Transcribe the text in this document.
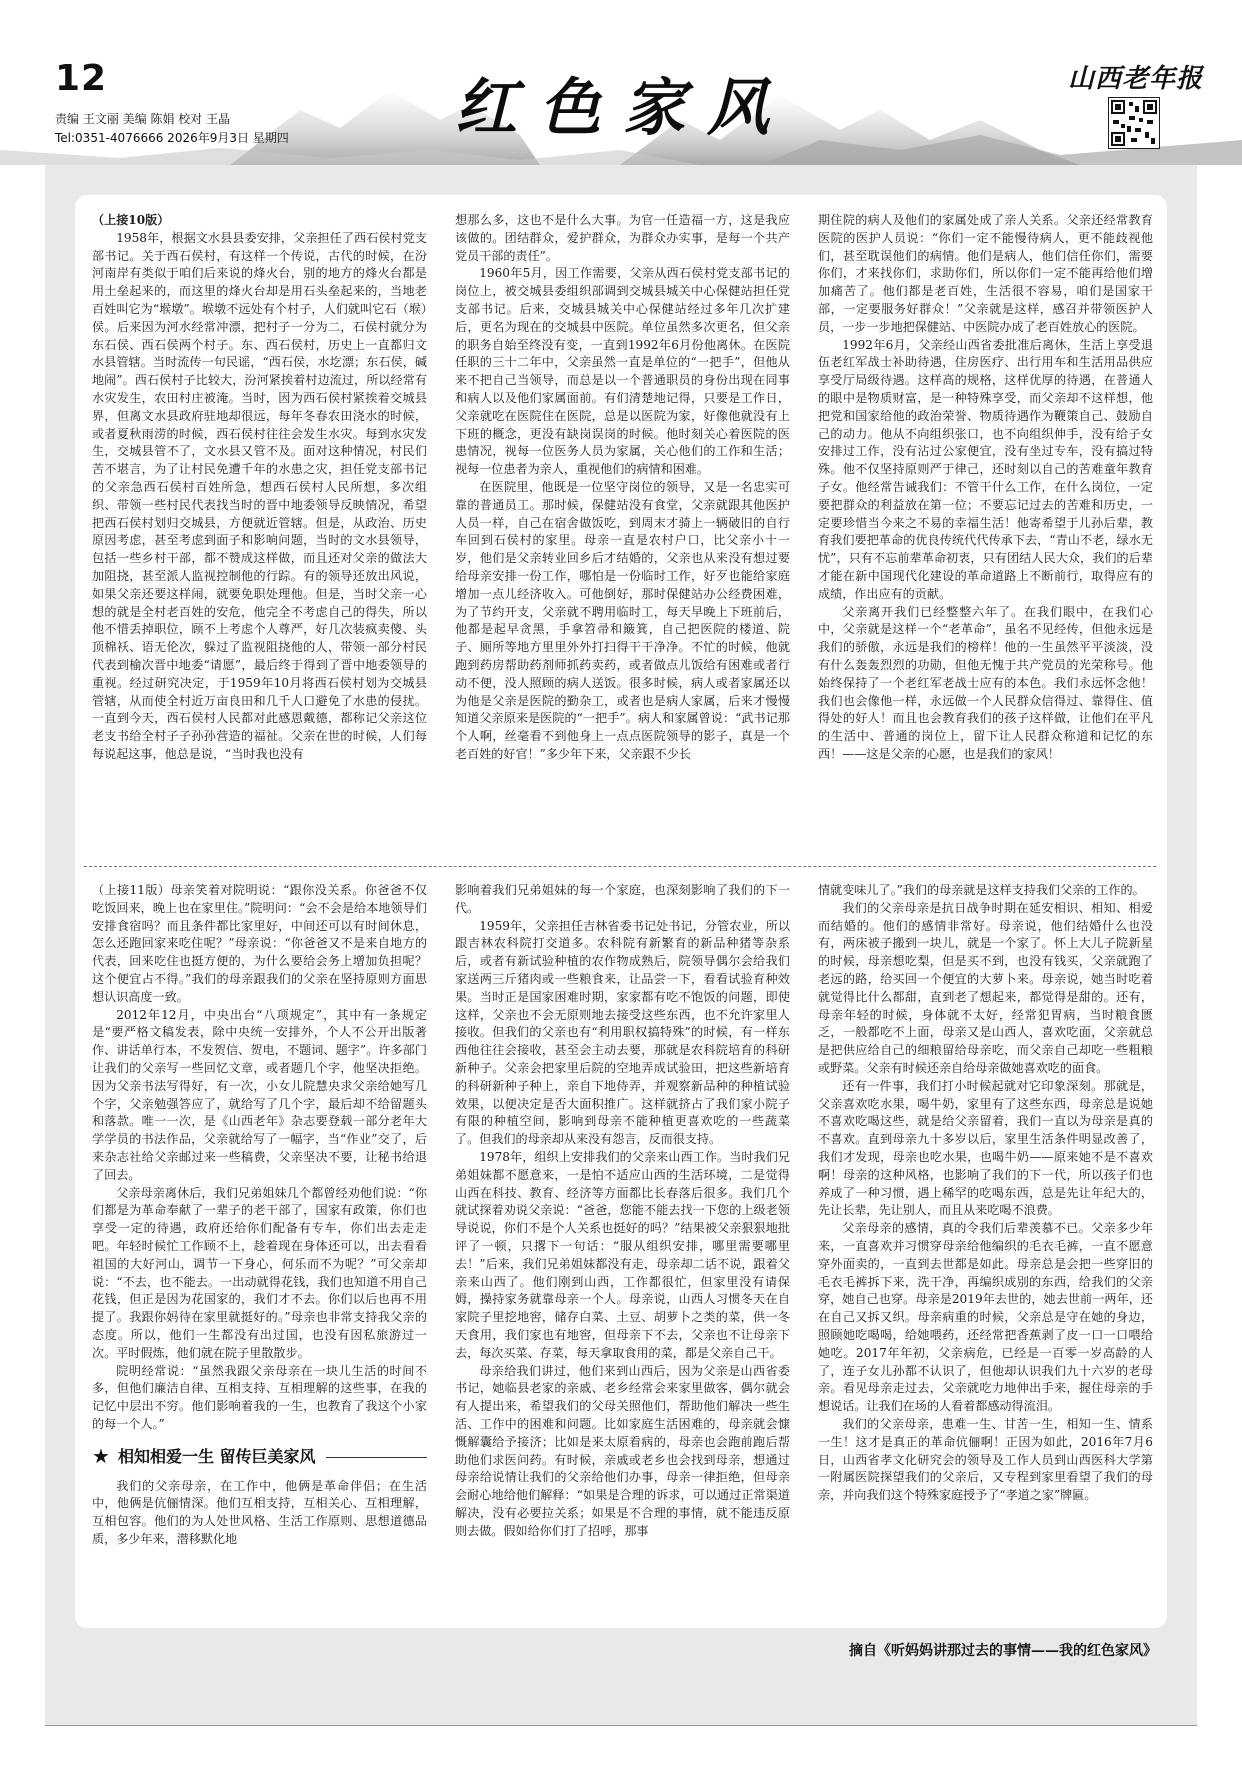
12
责编 王文丽 美编 陈娟 校对 王晶
Tel:0351-4076666 2026年9月3日 星期四	红色家风	山西老年报

（上接10版）

1958年，根据文水县县委安排，父亲担任了西石侯村党支部书记。关于西石侯村，有这样一个传说，古代的时候，在汾河南岸有类似于咱们后来说的烽火台，别的地方的烽火台都是用土垒起来的，而这里的烽火台却是用石头垒起来的，当地老百姓叫它为“堠墩”。堠墩不远处有个村子，人们就叫它石（堠）侯。后来因为河水经常冲漂，把村子一分为二，石侯村就分为东石侯、西石侯两个村子。东、西石侯村，历史上一直都归文水县管辖。当时流传一句民谣，“西石侯，水圪漂；东石侯，碱地闹”。西石侯村子比较大，汾河紧挨着村边流过，所以经常有水灾发生，农田村庄被淹。当时，因为西石侯村紧挨着交城县界，但离文水县政府驻地却很远，每年冬春农田浇水的时候，或者夏秋雨涝的时候，西石侯村往往会发生水灾。每到水灾发生，交城县管不了，文水县又管不及。面对这种情况，村民们苦不堪言，为了让村民免遭千年的水患之灾，担任党支部书记的父亲急西石侯村百姓所急，想西石侯村人民所想，多次组织、带领一些村民代表找当时的晋中地委领导反映情况，希望把西石侯村划归交城县，方便就近管辖。但是，从政治、历史原因考虑，甚至考虑到面子和影响问题，当时的文水县领导，包括一些乡村干部，都不赞成这样做，而且还对父亲的做法大加阻挠，甚至派人监视控制他的行踪。有的领导还放出风说，如果父亲还要这样闹，就要免职处理他。但是，当时父亲一心想的就是全村老百姓的安危，他完全不考虑自己的得失，所以他不惜丢掉职位，顾不上考虑个人尊严，好几次装疯卖傻、头顶棉袄、语无伦次，躲过了监视阻挠他的人，带领一部分村民代表到榆次晋中地委“请愿”，最后终于得到了晋中地委领导的重视。经过研究决定，于1959年10月将西石侯村划为交城县管辖，从而使全村近万亩良田和几千人口避免了水患的侵扰。一直到今天，西石侯村人民都对此感恩戴德，都称记父亲这位老支书给全村子子孙孙营造的福祉。父亲在世的时候，人们每每说起这事，他总是说，“当时我也没有

想那么多，这也不是什么大事。为官一任造福一方，这是我应该做的。团结群众，爱护群众，为群众办实事，是每一个共产党员干部的责任”。

1960年5月，因工作需要，父亲从西石侯村党支部书记的岗位上，被交城县委组织部调到交城县城关中心保健站担任党支部书记。后来，交城县城关中心保健站经过多年几次扩建后，更名为现在的交城县中医院。单位虽然多次更名，但父亲的职务自始至终没有变，一直到1992年6月份他离休。在医院任职的三十二年中，父亲虽然一直是单位的“一把手”，但他从来不把自己当领导，而总是以一个普通职员的身份出现在同事和病人以及他们家属面前。有们清楚地记得，只要是工作日，父亲就吃在医院住在医院，总是以医院为家，好像他就没有上下班的概念，更没有缺岗误岗的时候。他时刻关心着医院的医患情况，视每一位医务人员为家属，关心他们的工作和生活；视每一位患者为亲人，重视他们的病情和困难。

在医院里，他既是一位坚守岗位的领导，又是一名忠实可靠的普通员工。那时候，保健站没有食堂，父亲就跟其他医护人员一样，自己在宿舍做饭吃，到周末才骑上一辆破旧的自行车回到石侯村的家里。母亲一直是农村户口，比父亲小十一岁，他们是父亲转业回乡后才结婚的，父亲也从来没有想过要给母亲安排一份工作，哪怕是一份临时工作，好歹也能给家庭增加一点儿经济收入。可他倒好，那时保健站办公经费困难，为了节约开支，父亲就不聘用临时工，每天早晚上下班前后，他都是起早贪黑，手拿笤帚和簸箕，自己把医院的楼道、院子、厕所等地方里里外外打扫得干干净净。不忙的时候，他就跑到药房帮助药剂师抓药卖药，或者做点儿饭给有困难或者行动不便，没人照顾的病人送饭。很多时候，病人或者家属还以为他是父亲是医院的勤杂工，或者也是病人家属，后来才慢慢知道父亲原来是医院的“一把手”。病人和家属曾说：“武书记那个人啊，丝毫看不到他身上一点点医院领导的影子，真是一个老百姓的好官！”多少年下来，父亲跟不少长

期住院的病人及他们的家属处成了亲人关系。父亲还经常教育医院的医护人员说：“你们一定不能慢待病人，更不能歧视他们，甚至耽误他们的病情。他们是病人，他们信任你们，需要你们，才来找你们，求助你们，所以你们一定不能再给他们增加痛苦了。他们都是老百姓，生活很不容易，咱们是国家干部，一定要服务好群众！”父亲就是这样，感召并带领医护人员，一步一步地把保健站、中医院办成了老百姓放心的医院。

1992年6月，父亲经山西省委批准后离休，生活上享受退伍老红军战士补助待遇，住房医疗、出行用车和生活用品供应享受厅局级待遇。这样高的规格，这样优厚的待遇，在普通人的眼中是物质财富，是一种特殊享受，而父亲却不这样想，他把党和国家给他的政治荣誉、物质待遇作为鞭策自己、鼓励自己的动力。他从不向组织张口，也不向组织伸手，没有给子女安排过工作，没有沾过公家便宜，没有坐过专车，没有搞过特殊。他不仅坚持原则严于律己，还时刻以自己的苦难童年教育子女。他经常告诫我们：不管干什么工作，在什么岗位，一定要把群众的利益放在第一位；不要忘记过去的苦难和历史，一定要珍惜当今来之不易的幸福生活！他寄希望于儿孙后辈，教育我们要把革命的优良传统代代传承下去，“青山不老，绿水无忧”，只有不忘前辈革命初衷，只有团结人民大众，我们的后辈才能在新中国现代化建设的革命道路上不断前行，取得应有的成绩，作出应有的贡献。

父亲离开我们已经整整六年了。在我们眼中，在我们心中，父亲就是这样一个“老革命”，虽名不见经传，但他永远是我们的骄傲，永远是我们的榜样！他的一生虽然平平淡淡，没有什么轰轰烈烈的功勋，但他无愧于共产党员的光荣称号。他始终保持了一个老红军老战士应有的本色。我们永远怀念他！我们也会像他一样，永远做一个人民群众信得过、靠得住、值得处的好人！而且也会教育我们的孩子这样做，让他们在平凡的生活中、普通的岗位上，留下让人民群众称道和记忆的东西！——这是父亲的心愿，也是我们的家风！

（上接11版）母亲笑着对院明说：“跟你没关系。你爸爸不仅吃饭回来，晚上也在家里住。”院明问：“会不会是给本地领导们安排食宿吗？而且条件都比家里好，中间还可以有时间休息，怎么还跑回家来吃住呢？”母亲说：“你爸爸又不是来自地方的代表，回来吃住也挺方便的，为什么要给会务上增加负担呢？这个便宜占不得。”我们的母亲跟我们的父亲在坚持原则方面思想认识高度一致。

2012年12月，中央出台“八项规定”，其中有一条规定是“要严格文稿发表，除中央统一安排外，个人不公开出版著作、讲话单行本，不发贺信、贺电，不题词、题字”。许多部门让我们的父亲写一些回忆文章，或者题几个字，他坚决拒绝。因为父亲书法写得好，有一次，小女儿院慧央求父亲给她写几个字，父亲勉强答应了，就给写了几个字，最后却不给留题头和落款。唯一一次，是《山西老年》杂志要登载一部分老年大学学员的书法作品，父亲就给写了一幅字，当“作业”交了，后来杂志社给父亲邮过来一些稿费，父亲坚决不要，让秘书给退了回去。

父亲母亲离休后，我们兄弟姐妹几个都曾经劝他们说：“你们都是为革命奉献了一辈子的老干部了，国家有政策，你们也享受一定的待遇，政府还给你们配备有专车，你们出去走走吧。年轻时候忙工作顾不上，趁着现在身体还可以，出去看看祖国的大好河山，调节一下身心，何乐而不为呢？”可父亲却说：“不去，也不能去。一出动就得花钱，我们也知道不用自己花钱，但正是因为花国家的，我们才不去。你们以后也再不用提了。我跟你妈待在家里就挺好的。”母亲也非常支持我父亲的态度。所以，他们一生都没有出过国，也没有因私旅游过一次。平时假炼，他们就在院子里散散步。

院明经常说：“虽然我跟父亲母亲在一块儿生活的时间不多，但他们廉洁自律、互相支持、互相理解的这些事，在我的记忆中层出不穷。他们影响着我的一生，也教育了我这个小家的每一个人。”

★ 相知相爱一生 留传巨美家风

我们的父亲母亲，在工作中，他俩是革命伴侣；在生活中，他俩是伉俪情深。他们互相支持，互相关心、互相理解，互相包容。他们的为人处世风格、生活工作原则、思想道德品质，多少年来，潜移默化地

影响着我们兄弟姐妹的每一个家庭，也深刻影响了我们的下一代。

1959年，父亲担任吉林省委书记处书记，分管农业，所以跟吉林农科院打交道多。农科院有新繁育的新品种猪等杂系后，或者有新试验种植的农作物成熟后，院领导偶尔会给我们家送两三斤猪肉或一些粮食来，让品尝一下，看看试验育种效果。当时正是国家困难时期，家家都有吃不饱饭的问题，即使这样，父亲也不会无原则地去接受这些东西，也不允许家里人接收。但我们的父亲也有“利用职权搞特殊”的时候，有一样东西他往往会接收，甚至会主动去要，那就是农科院培育的科研新种子。父亲会把家里后院的空地弄成试验田，把这些新培育的科研新种子种上，亲自下地侍弄，并观察新品种的种植试验效果，以便决定是否大面积推广。这样就挤占了我们家小院子有限的种植空间，影响到母亲不能种植更喜欢吃的一些蔬菜了。但我们的母亲却从来没有怨言，反而很支持。

1978年，组织上安排我们的父亲来山西工作。当时我们兄弟姐妹都不愿意来，一是怕不适应山西的生活环境，二是觉得山西在科技、教育、经济等方面都比长春落后很多。我们几个就试探着劝说父亲说：“爸爸，您能不能去找一下您的上级老领导说说，你们不是个人关系也挺好的吗？”结果被父亲狠狠地批评了一顿，只撂下一句话：“服从组织安排，哪里需要哪里去！”后来，我们兄弟姐妹都没有走，母亲却二话不说，跟着父亲来山西了。他们刚到山西，工作都很忙，但家里没有请保姆，操持家务就靠母亲一个人。母亲说，山西人习惯冬天在自家院子里挖地窖，储存白菜、土豆、胡萝卜之类的菜，供一冬天食用，我们家也有地窖，但母亲下不去，父亲也不让母亲下去，每次买菜、存菜，每天拿取食用的菜，都是父亲自己干。

母亲给我们讲过，他们来到山西后，因为父亲是山西省委书记，她临县老家的亲戚、老乡经常会来家里做客，偶尔就会有人提出来，希望我们的父母关照他们，帮助他们解决一些生活、工作中的困难和问题。比如家庭生活困难的，母亲就会慷慨解囊给予接济；比如是来太原看病的，母亲也会跑前跑后帮助他们求医问药。有时候，亲戚或老乡也会找到母亲，想通过母亲给说情让我们的父亲给他们办事，母亲一律拒绝，但母亲会耐心地给他们解释：“如果是合理的诉求，可以通过正常渠道解决，没有必要拉关系；如果是不合理的事情，就不能违反原则去做。假如给你们打了招呼，那事

情就变味儿了。”我们的母亲就是这样支持我们父亲的工作的。

我们的父亲母亲是抗日战争时期在延安相识、相知、相爱而结婚的。他们的感情非常好。母亲说，他们结婚什么也没有，两床被子搬到一块儿，就是一个家了。怀上大儿子院新星的时候，母亲想吃梨，但是买不到，也没有钱买，父亲就跑了老远的路，给买回一个便宜的大萝卜来。母亲说，她当时吃着就觉得比什么都甜，直到老了想起来，都觉得是甜的。还有，母亲年轻的时候，身体就不太好，经常犯胃病，当时粮食匮乏，一般都吃不上面，母亲又是山西人，喜欢吃面，父亲就总是把供应给自己的细粮留给母亲吃，而父亲自己却吃一些粗粮或野菜。父亲有时候还亲自给母亲做她喜欢吃的面食。

还有一件事，我们打小时候起就对它印象深刻。那就是，父亲喜欢吃水果，喝牛奶，家里有了这些东西，母亲总是说她不喜欢吃喝这些，就是给父亲留着，我们一直以为母亲是真的不喜欢。直到母亲九十多岁以后，家里生活条件明显改善了，我们才发现，母亲也吃水果，也喝牛奶——原来她不是不喜欢啊！母亲的这种风格，也影响了我们的下一代，所以孩子们也养成了一种习惯，遇上稀罕的吃喝东西，总是先让年纪大的，先让长辈，先让别人，而且从来吃喝不浪费。

父亲母亲的感情，真的令我们后辈羡慕不已。父亲多少年来，一直喜欢并习惯穿母亲给他编织的毛衣毛裤，一直不愿意穿外面卖的，一直到去世都是如此。母亲总是会把一些穿旧的毛衣毛裤拆下来，洗干净，再编织成别的东西，给我们的父亲穿，她自己也穿。母亲是2019年去世的，她去世前一两年，还在自己又拆又织。母亲病重的时候，父亲总是守在她的身边，照顾她吃喝喝，给她喂药，还经常把香蕉剥了皮一口一口喂给她吃。2017年年初，父亲病危，已经是一百零一岁高龄的人了，连子女儿孙都不认识了，但他却认识我们九十六岁的老母亲。看见母亲走过去，父亲就吃力地伸出手来，握住母亲的手想说话。让我们在场的人看着都感动得流泪。

我们的父亲母亲，患难一生、甘苦一生，相知一生、情系一生！这才是真正的革命伉俪啊！正因为如此，2016年7月6日，山西省孝文化研究会的领导及工作人员到山西医科大学第一附属医院探望我们的父亲后，又专程到家里看望了我们的母亲，并向我们这个特殊家庭授予了“孝道之家”牌匾。

摘自《听妈妈讲那过去的事情——我的红色家风》
